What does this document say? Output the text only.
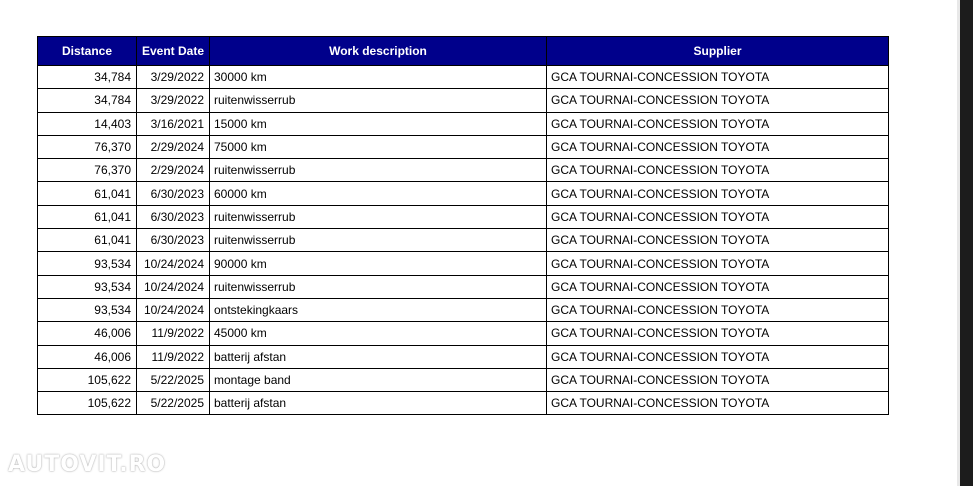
Distance	Event Date	Work description	Supplier
34,784	3/29/2022	30000 km	GCA TOURNAI-CONCESSION TOYOTA
34,784	3/29/2022	ruitenwisserrub	GCA TOURNAI-CONCESSION TOYOTA
14,403	3/16/2021	15000 km	GCA TOURNAI-CONCESSION TOYOTA
76,370	2/29/2024	75000 km	GCA TOURNAI-CONCESSION TOYOTA
76,370	2/29/2024	ruitenwisserrub	GCA TOURNAI-CONCESSION TOYOTA
61,041	6/30/2023	60000 km	GCA TOURNAI-CONCESSION TOYOTA
61,041	6/30/2023	ruitenwisserrub	GCA TOURNAI-CONCESSION TOYOTA
61,041	6/30/2023	ruitenwisserrub	GCA TOURNAI-CONCESSION TOYOTA
93,534	10/24/2024	90000 km	GCA TOURNAI-CONCESSION TOYOTA
93,534	10/24/2024	ruitenwisserrub	GCA TOURNAI-CONCESSION TOYOTA
93,534	10/24/2024	ontstekingkaars	GCA TOURNAI-CONCESSION TOYOTA
46,006	11/9/2022	45000 km	GCA TOURNAI-CONCESSION TOYOTA
46,006	11/9/2022	batterij afstan	GCA TOURNAI-CONCESSION TOYOTA
105,622	5/22/2025	montage band	GCA TOURNAI-CONCESSION TOYOTA
105,622	5/22/2025	batterij afstan	GCA TOURNAI-CONCESSION TOYOTA
AUTOVIT.RO
